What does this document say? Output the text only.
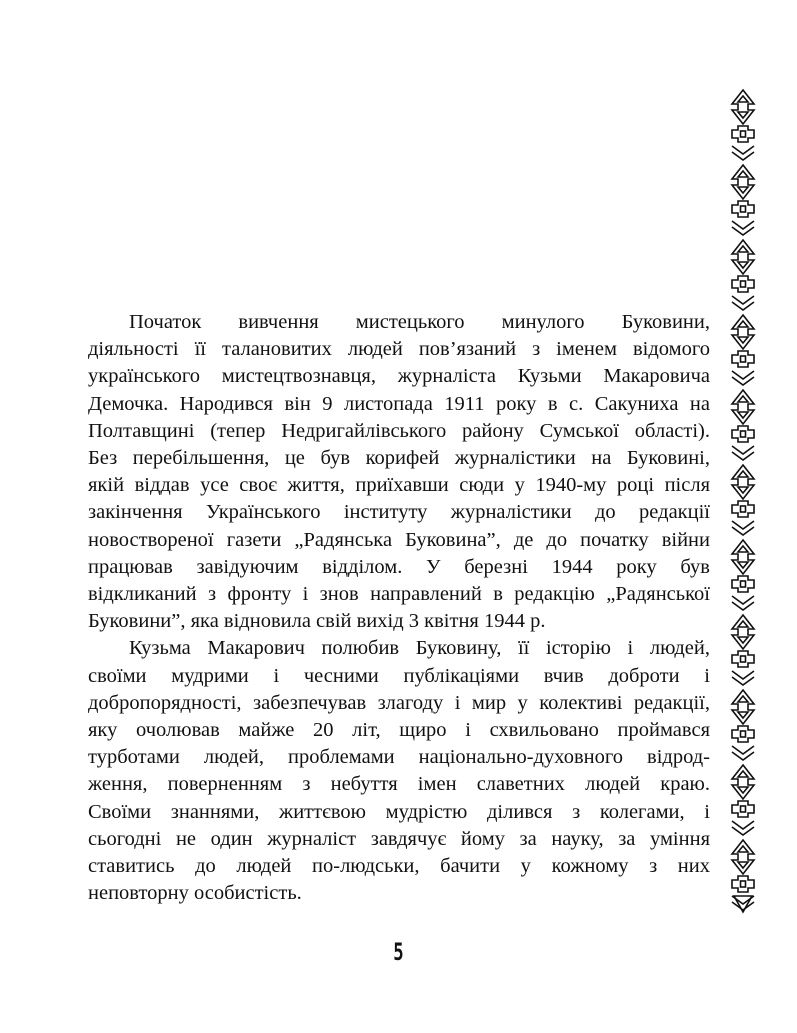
Початок вивчення мистецького минулого Буковини,
діяльності її талановитих людей пов’язаний з іменем відомого
українського мистецтвознавця, журналіста Кузьми Макаровича
Демочка. Народився він 9 листопада 1911 року в с. Сакуниха на
Полтавщині (тепер Недригайлівського району Сумської області).
Без перебільшення, це був корифей журналістики на Буковині,
якій віддав усе своє життя, приїхавши сюди у 1940-му році після
закінчення Українського інституту журналістики до редакції
новоствореної газети „Радянська Буковина”, де до початку війни
працював завідуючим відділом. У березні 1944 року був
відкликаний з фронту і знов направлений в редакцію „Радянської
Буковини”, яка відновила свій вихід 3 квітня 1944 р.
Кузьма Макарович полюбив Буковину, її історію і людей,
своїми мудрими і чесними публікаціями вчив доброти і
добропорядності, забезпечував злагоду і мир у колективі редакції,
яку очолював майже 20 літ, щиро і схвильовано проймався
турботами людей, проблемами національно-духовного відрод-
ження, поверненням з небуття імен славетних людей краю.
Своїми знаннями, життєвою мудрістю ділився з колегами, і
сьогодні не один журналіст завдячує йому за науку, за уміння
ставитись до людей по-людськи, бачити у кожному з них
неповторну особистість.
5
